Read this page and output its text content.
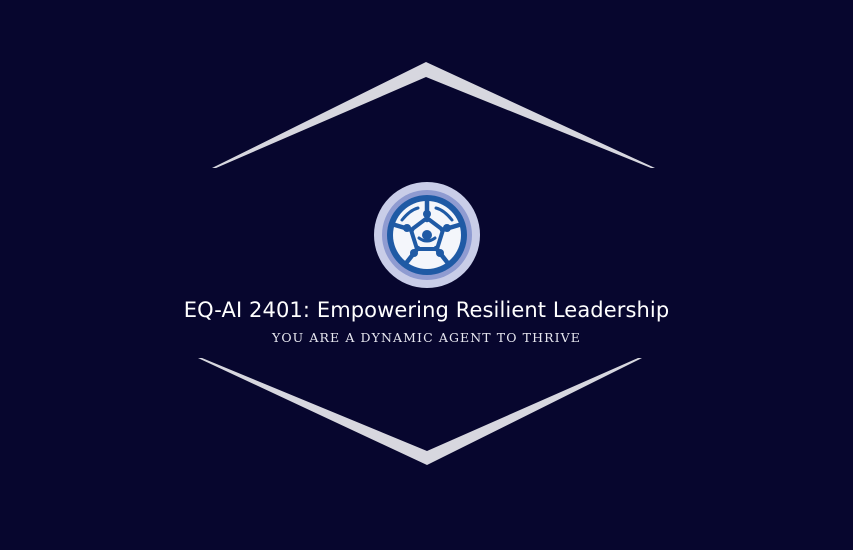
EQ-AI 2401: Empowering Resilient Leadership
YOU ARE A DYNAMIC AGENT TO THRIVE
